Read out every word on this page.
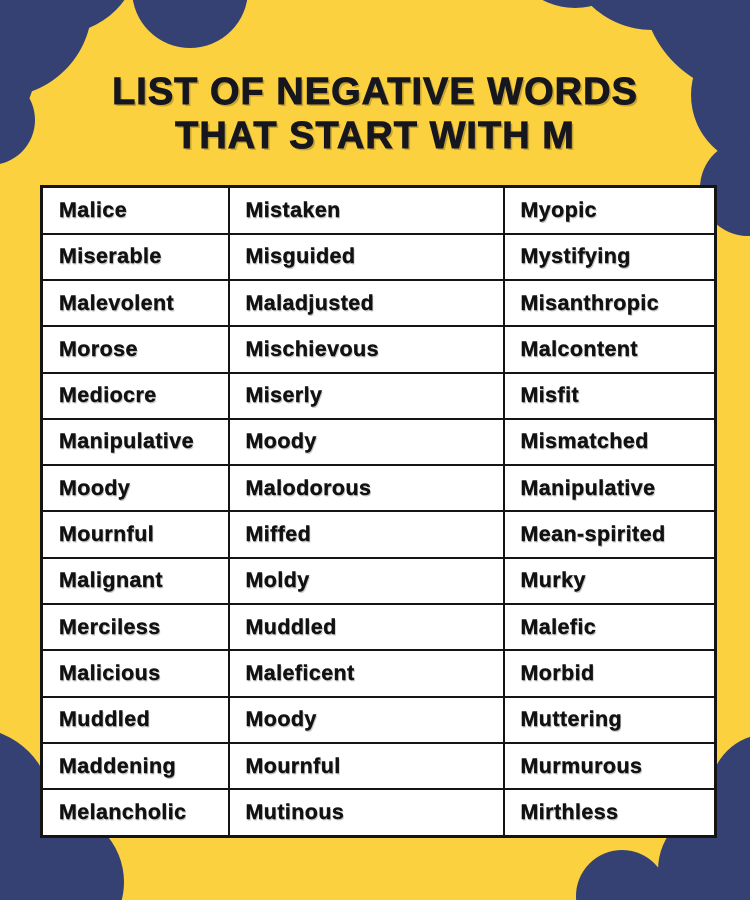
LIST OF NEGATIVE WORDS
THAT START WITH M
Malice	Mistaken	Myopic
Miserable	Misguided	Mystifying
Malevolent	Maladjusted	Misanthropic
Morose	Mischievous	Malcontent
Mediocre	Miserly	Misfit
Manipulative	Moody	Mismatched
Moody	Malodorous	Manipulative
Mournful	Miffed	Mean-spirited
Malignant	Moldy	Murky
Merciless	Muddled	Malefic
Malicious	Maleficent	Morbid
Muddled	Moody	Muttering
Maddening	Mournful	Murmurous
Melancholic	Mutinous	Mirthless
